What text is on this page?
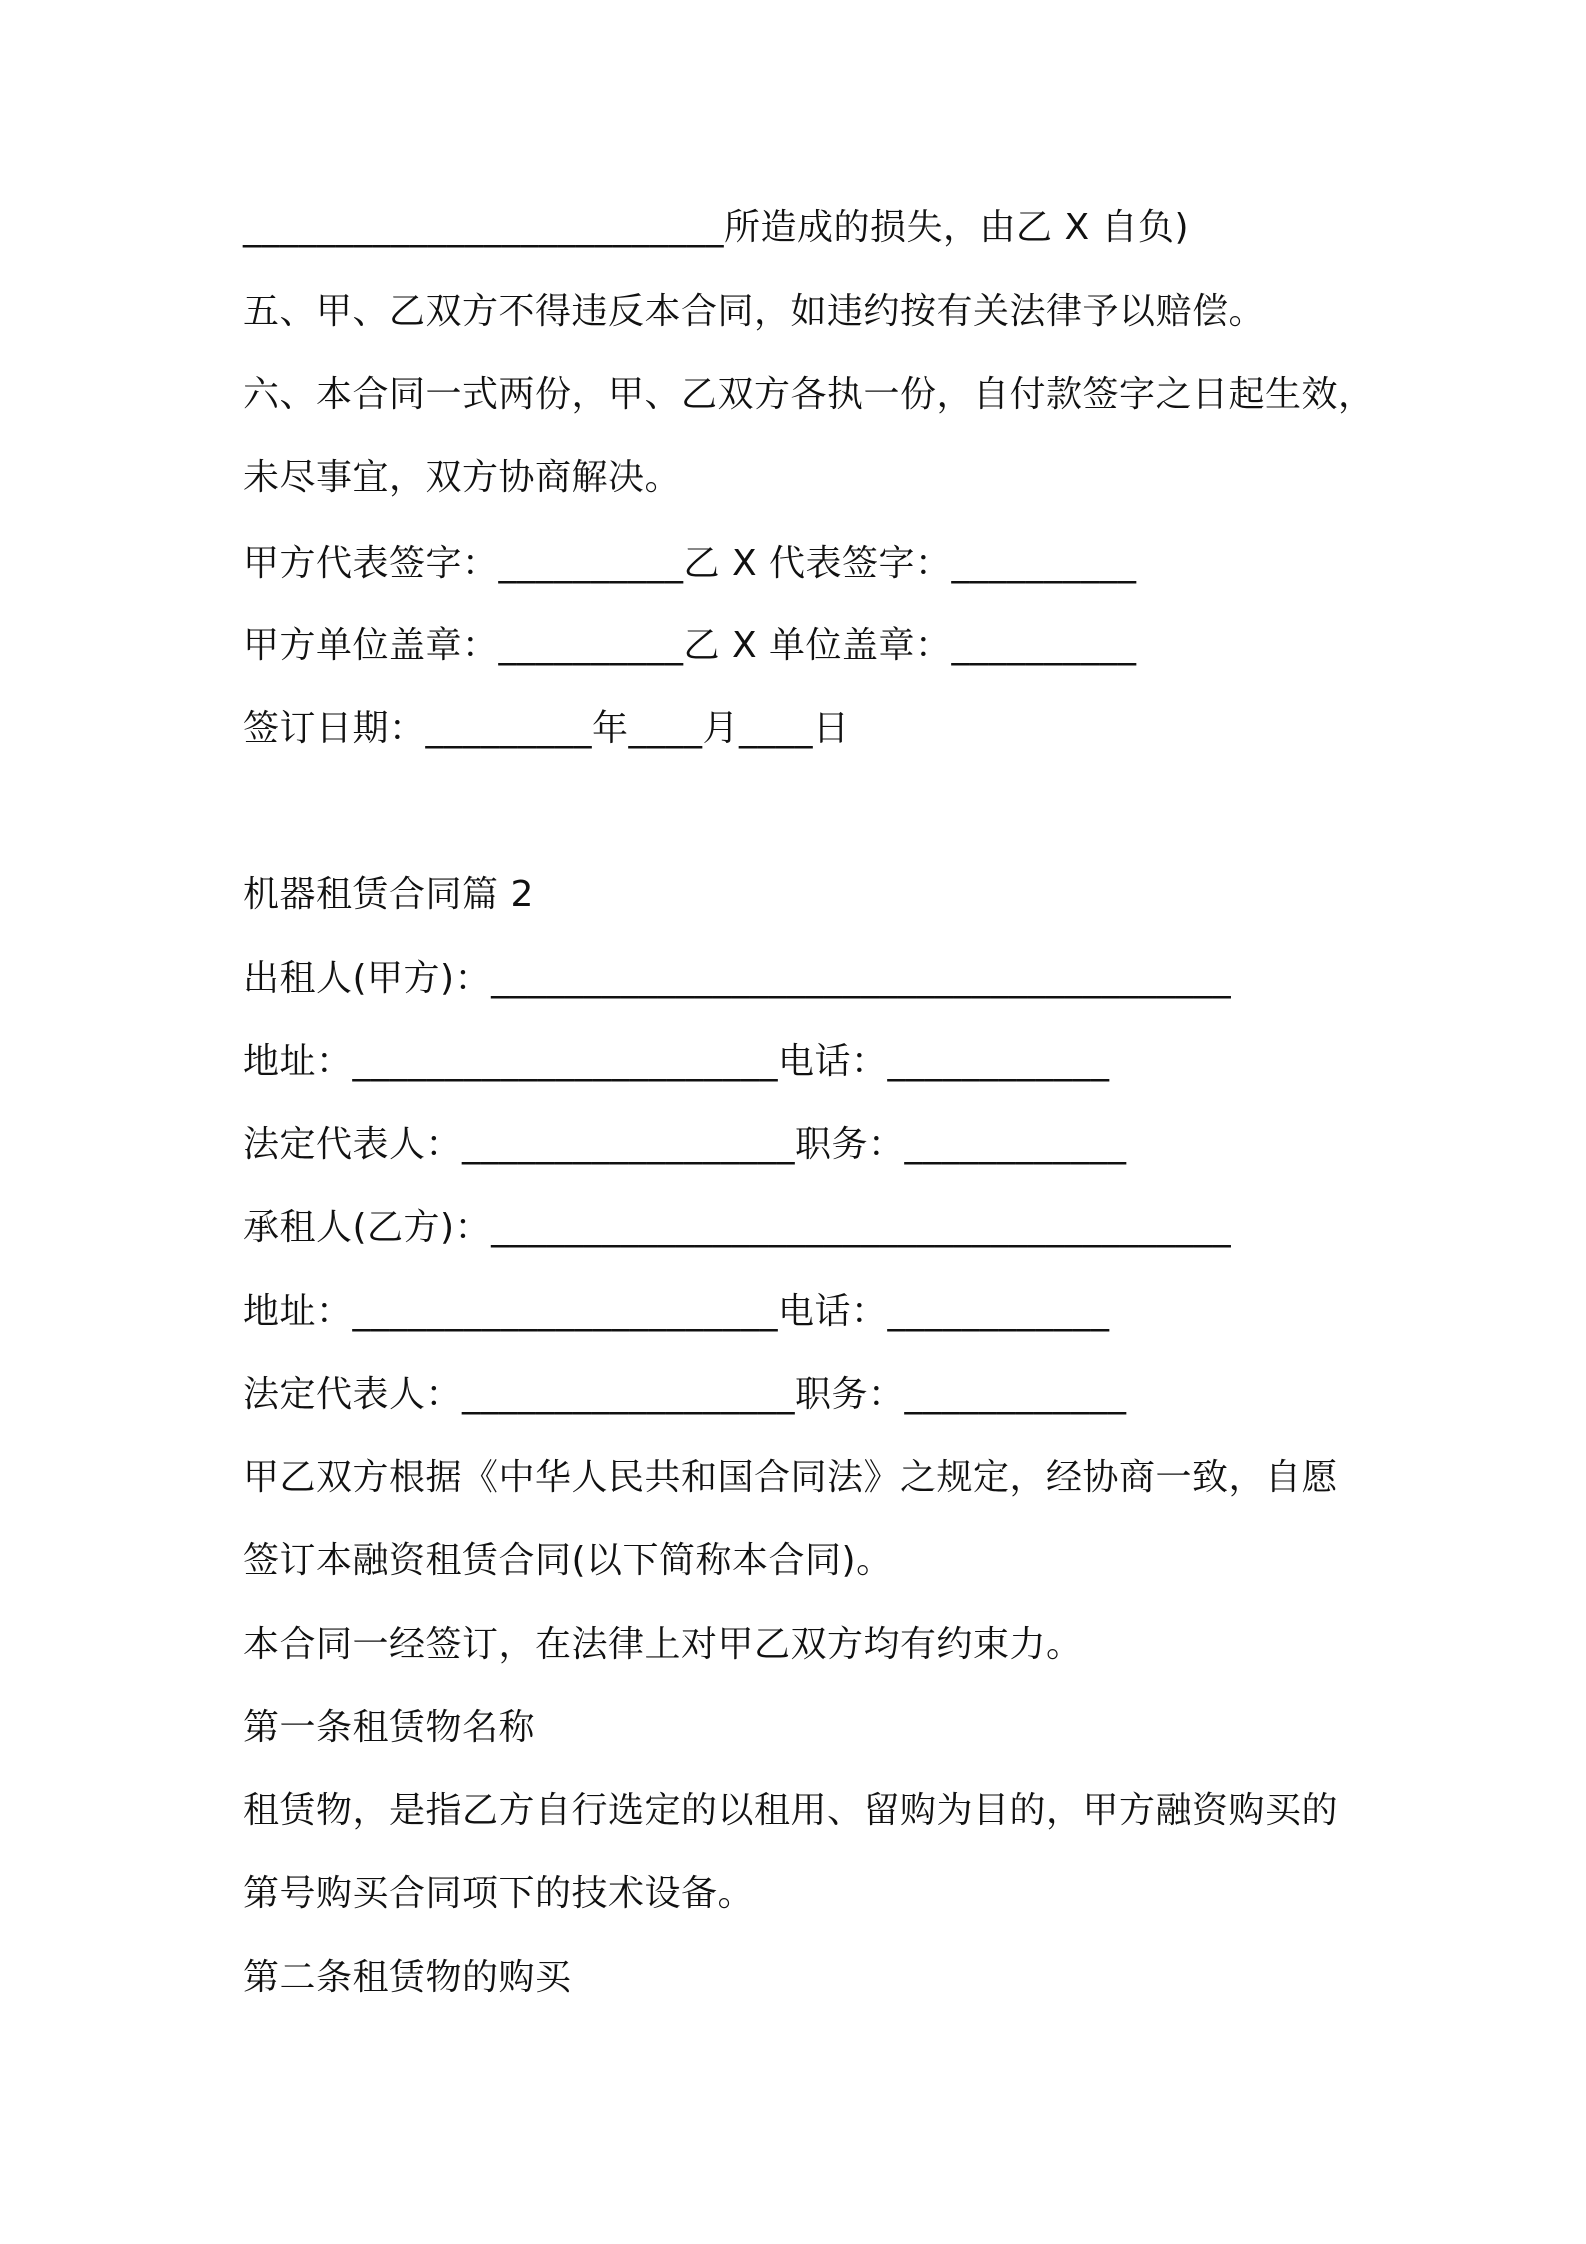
__________________________所造成的损失，由乙 X 自负)
五、甲、乙双方不得违反本合同，如违约按有关法律予以赔偿。
六、本合同一式两份，甲、乙双方各执一份，自付款签字之日起生效，
未尽事宜，双方协商解决。
甲方代表签字：__________乙 X 代表签字：__________
甲方单位盖章：__________乙 X 单位盖章：__________
签订日期：_________年____月____日
机器租赁合同篇 2
出租人(甲方)：________________________________________
地址：_______________________电话：____________
法定代表人：__________________职务：____________
承租人(乙方)：________________________________________
地址：_______________________电话：____________
法定代表人：__________________职务：____________
甲乙双方根据《中华人民共和国合同法》之规定，经协商一致，自愿
签订本融资租赁合同(以下简称本合同)。
本合同一经签订，在法律上对甲乙双方均有约束力。
第一条租赁物名称
租赁物，是指乙方自行选定的以租用、留购为目的，甲方融资购买的
第号购买合同项下的技术设备。
第二条租赁物的购买
